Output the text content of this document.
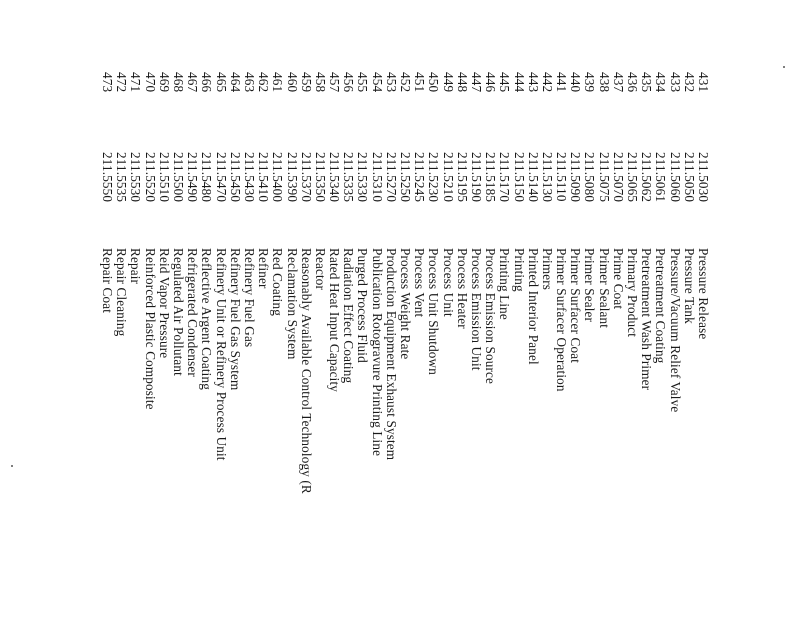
431
211.5030
Pressure Release
432
211.5050
Pressure Tank
433
211.5060
Pressure/Vacuum Relief Valve
434
211.5061
Pretreatment Coating
435
211.5062
Pretreatment Wash Primer
436
211.5065
Primary Product
437
211.5070
Prime Coat
438
211.5075
Primer Sealant
439
211.5080
Primer Sealer
440
211.5090
Primer Surfacer Coat
441
211.5110
Primer Surfacer Operation
442
211.5130
Primers
443
211.5140
Printed Interior Panel
444
211.5150
Printing
445
211.5170
Printing Line
446
211.5185
Process Emission Source
447
211.5190
Process Emission Unit
448
211.5195
Process Heater
449
211.5210
Process Unit
450
211.5230
Process Unit Shutdown
451
211.5245
Process Vent
452
211.5250
Process Weight Rate
453
211.5270
Production Equipment Exhaust System
454
211.5310
Publication Rotogravure Printing Line
455
211.5330
Purged Process Fluid
456
211.5335
Radiation Effect Coating
457
211.5340
Rated Heat Input Capacity
458
211.5350
Reactor
459
211.5370
Reasonably Available Control Technology (R
460
211.5390
Reclamation System
461
211.5400
Red Coating
462
211.5410
Refiner
463
211.5430
Refinery Fuel Gas
464
211.5450
Refinery Fuel Gas System
465
211.5470
Refinery Unit or Refinery Process Unit
466
211.5480
Reflective Argent Coating
467
211.5490
Refrigerated Condenser
468
211.5500
Regulated Air Pollutant
469
211.5510
Reid Vapor Pressure
470
211.5520
Reinforced Plastic Composite
471
211.5530
Repair
472
211.5535
Repair Cleaning
473
211.5550
Repair Coat
